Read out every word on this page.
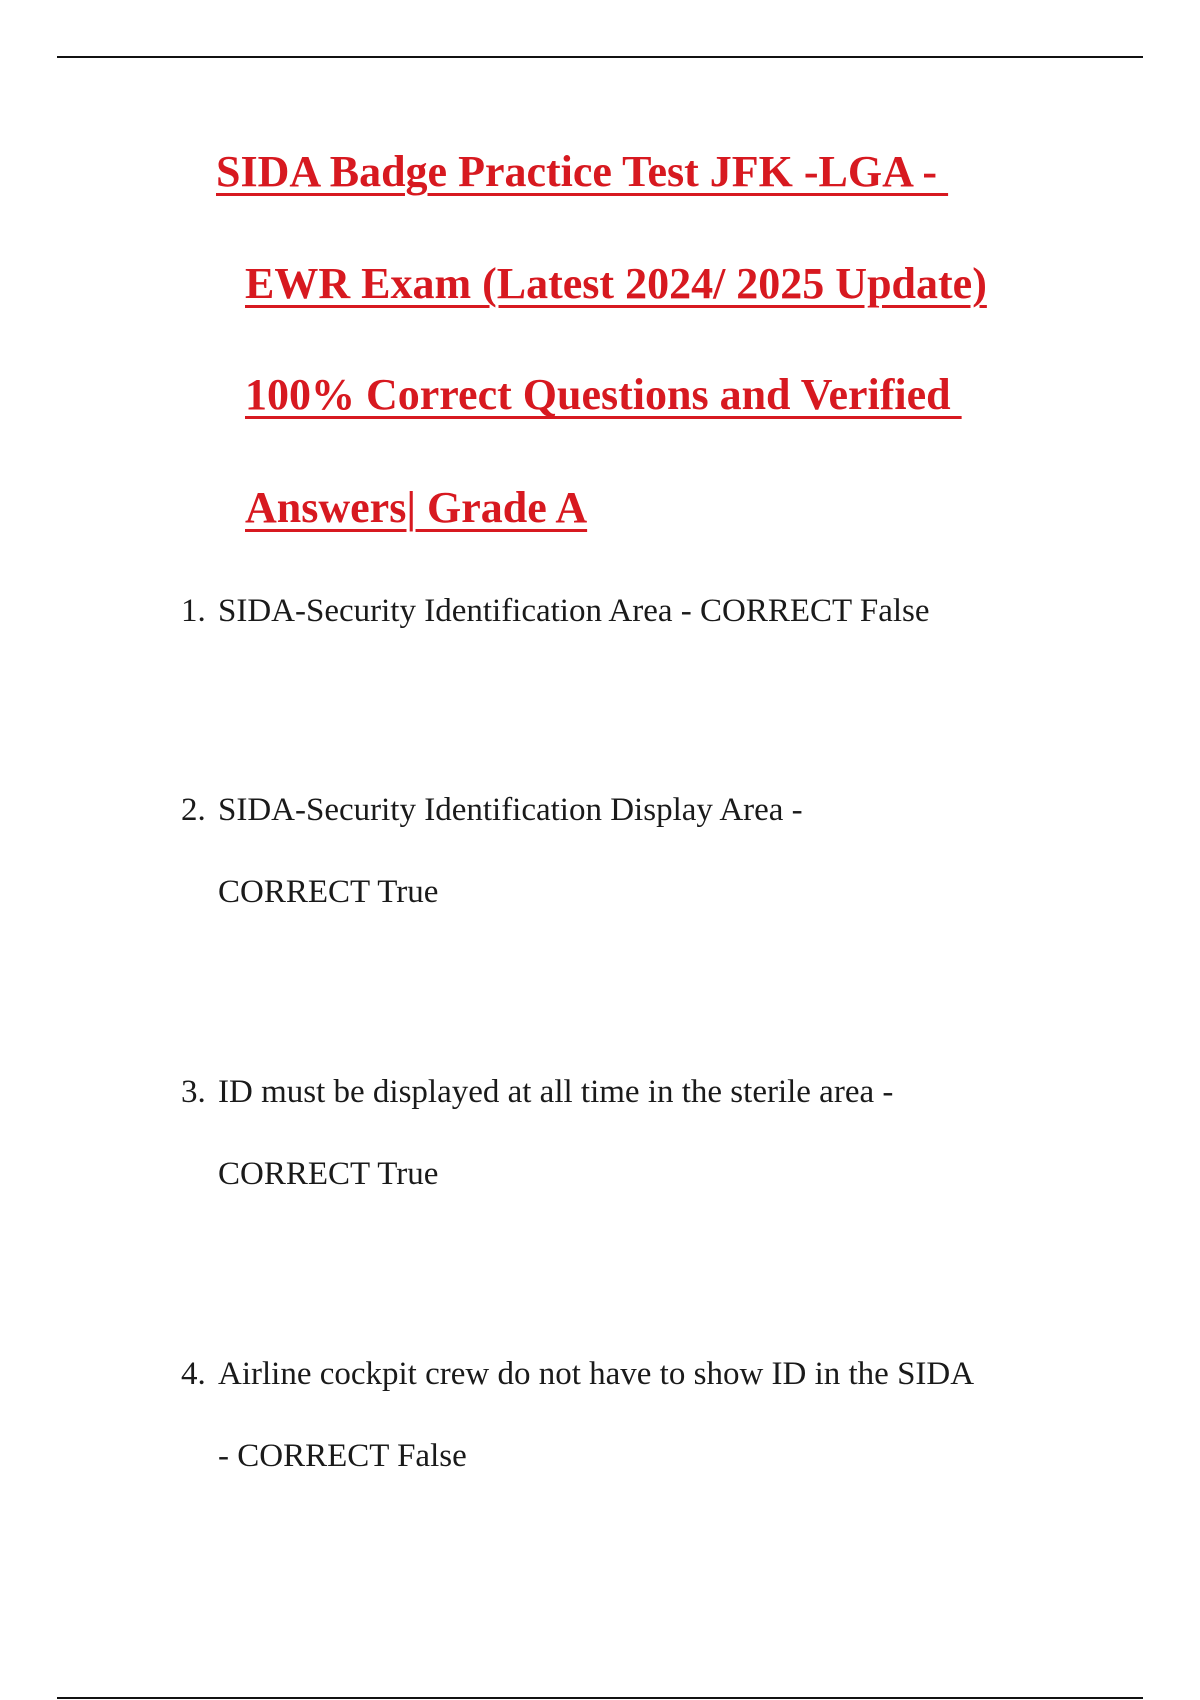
SIDA Badge Practice Test JFK -LGA -
EWR Exam (Latest 2024/ 2025 Update)
100% Correct Questions and Verified
Answers| Grade A
1. SIDA-Security Identification Area - CORRECT False
2. SIDA-Security Identification Display Area -
CORRECT True
3. ID must be displayed at all time in the sterile area -
CORRECT True
4. Airline cockpit crew do not have to show ID in the SIDA
- CORRECT False
